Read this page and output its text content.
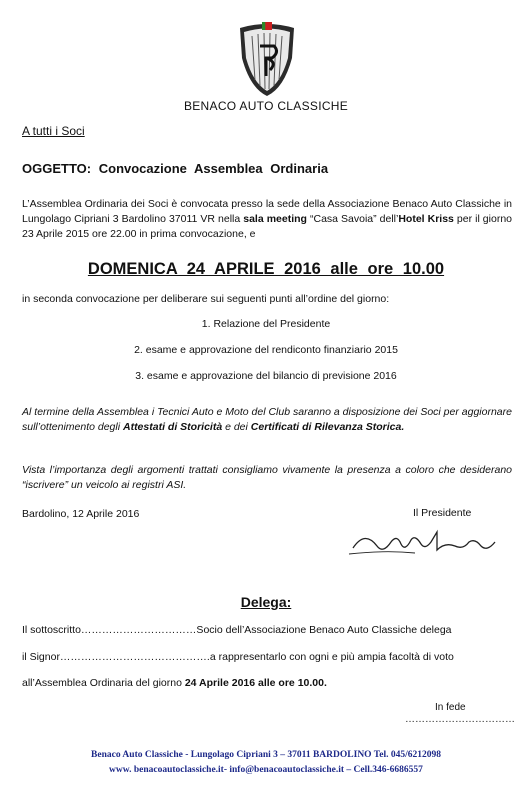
BENACO AUTO CLASSICHE
A tutti i Soci
OGGETTO: Convocazione Assemblea Ordinaria
L’Assemblea Ordinaria dei Soci è convocata presso la sede della Associazione Benaco Auto Classiche in Lungolago Cipriani 3 Bardolino 37011 VR nella sala meeting “Casa Savoia” dell’Hotel Kriss per il giorno 23 Aprile 2015 ore 22.00 in prima convocazione, e
DOMENICA 24 APRILE 2016 alle ore 10.00
in seconda convocazione per deliberare sui seguenti punti all’ordine del giorno:
1. Relazione del Presidente
2. esame e approvazione del rendiconto finanziario 2015
3. esame e approvazione del bilancio di previsione 2016
Al termine della Assemblea i Tecnici Auto e Moto del Club saranno a disposizione dei Soci per aggiornare sull’ottenimento degli Attestati di Storicità e dei Certificati di Rilevanza Storica.
Vista l’importanza degli argomenti trattati consigliamo vivamente la presenza a coloro che desiderano “iscrivere” un veicolo ai registri ASI.
Bardolino, 12 Aprile 2016	Il Presidente
Delega:
Il sottoscritto……………………………Socio dell’Associazione Benaco Auto Classiche delega
il Signor…………………………………….a rappresentarlo con ogni e più ampia facoltà di voto
all’Assemblea Ordinaria del giorno 24 Aprile 2016 alle ore 10.00.
In fede
……………………………
Benaco Auto Classiche - Lungolago Cipriani 3 – 37011 BARDOLINO Tel. 045/6212098
www. benacoautoclassiche.it- info@benacoautoclassiche.it – Cell.346-6686557
